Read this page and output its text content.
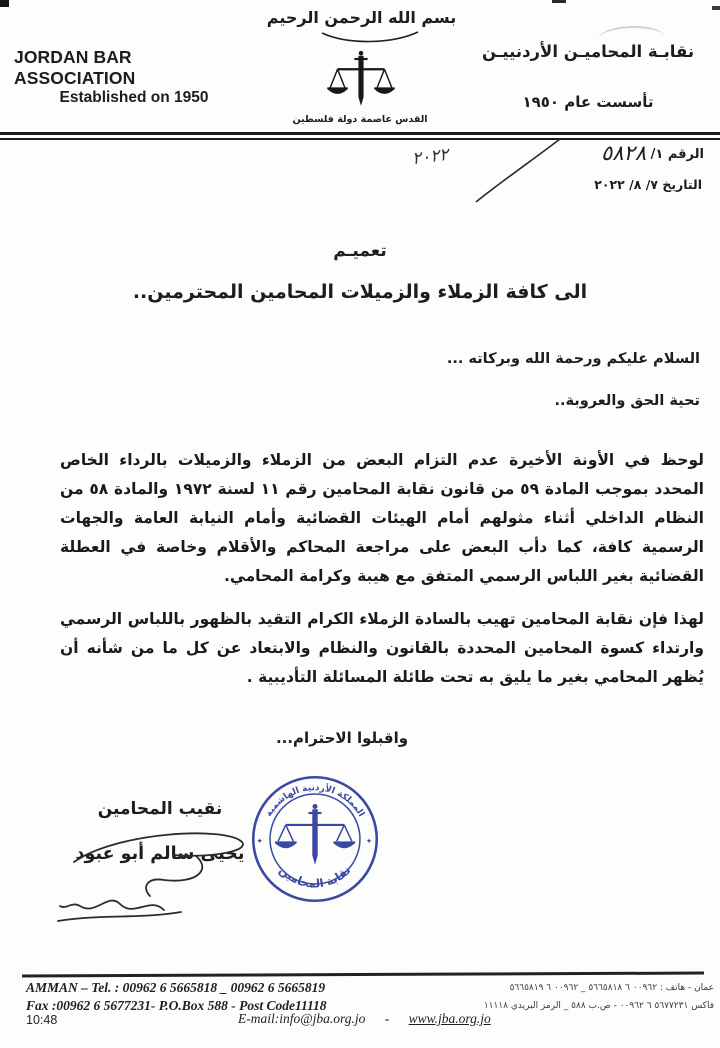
بسم الله الرحمن الرحيم
JORDAN BAR ASSOCIATION
Established on 1950
القدس عاصمة دولة فلسطين
نقابـة المحاميـن الأردنييـن
تأسست عام ١٩٥٠
الرقم ١/ ٥٨٢٨
٢٠٢٢
التاريخ ٧/ ٨/ ٢٠٢٢
تعميـم
الى كافة الزملاء والزميلات المحامين المحترمين..
السلام عليكم ورحمة الله وبركاته ...
تحية الحق والعروبة..

لوحظ في الأونة الأخيرة عدم التزام البعض من الزملاء والزميلات بالرداء الخاص المحدد بموجب المادة ٥٩ من قانون نقابة المحامين رقم ١١ لسنة ١٩٧٢ والمادة ٥٨ من النظام الداخلي أثناء مثولهم أمام الهيئات القضائية وأمام النيابة العامة والجهات الرسمية كافة، كما دأب البعض على مراجعة المحاكم والأقلام وخاصة في العطلة القضائية بغير اللباس الرسمي المتفق مع هيبة وكرامة المحامي.

لهذا فإن نقابة المحامين تهيب بالسادة الزملاء الكرام التقيد بالظهور باللباس الرسمي وارتداء كسوة المحامين المحددة بالقانون والنظام والابتعاد عن كل ما من شأنه أن يُظهر المحامي بغير ما يليق به تحت طائلة المسائلة التأديبية .

واقبلوا الاحترام...
المملكة الأردنية الهاشمية
نقابة المحامين
✦	✦
نقيب المحامين
يحيى سالم أبو عبود
AMMAN – Tel. : 00962 6 5665818 _ 00962 6 5665819
Fax :00962 6 5677231- P.O.Box 588 - Post Code11118
عمان - هاتف : ٠٠٩٦٢ ٦ ٥٦٦٥٨١٨ _ ٠٠٩٦٢ ٦ ٥٦٦٥٨١٩
فاكس ٥٦٧٧٢٣١ ٦ ٠٠٩٦٢ - ص.ب ٥٨٨ _ الرمز البريدي ١١١١٨
10:48	E-mail:info@jba.org.jo - www.jba.org.jo
